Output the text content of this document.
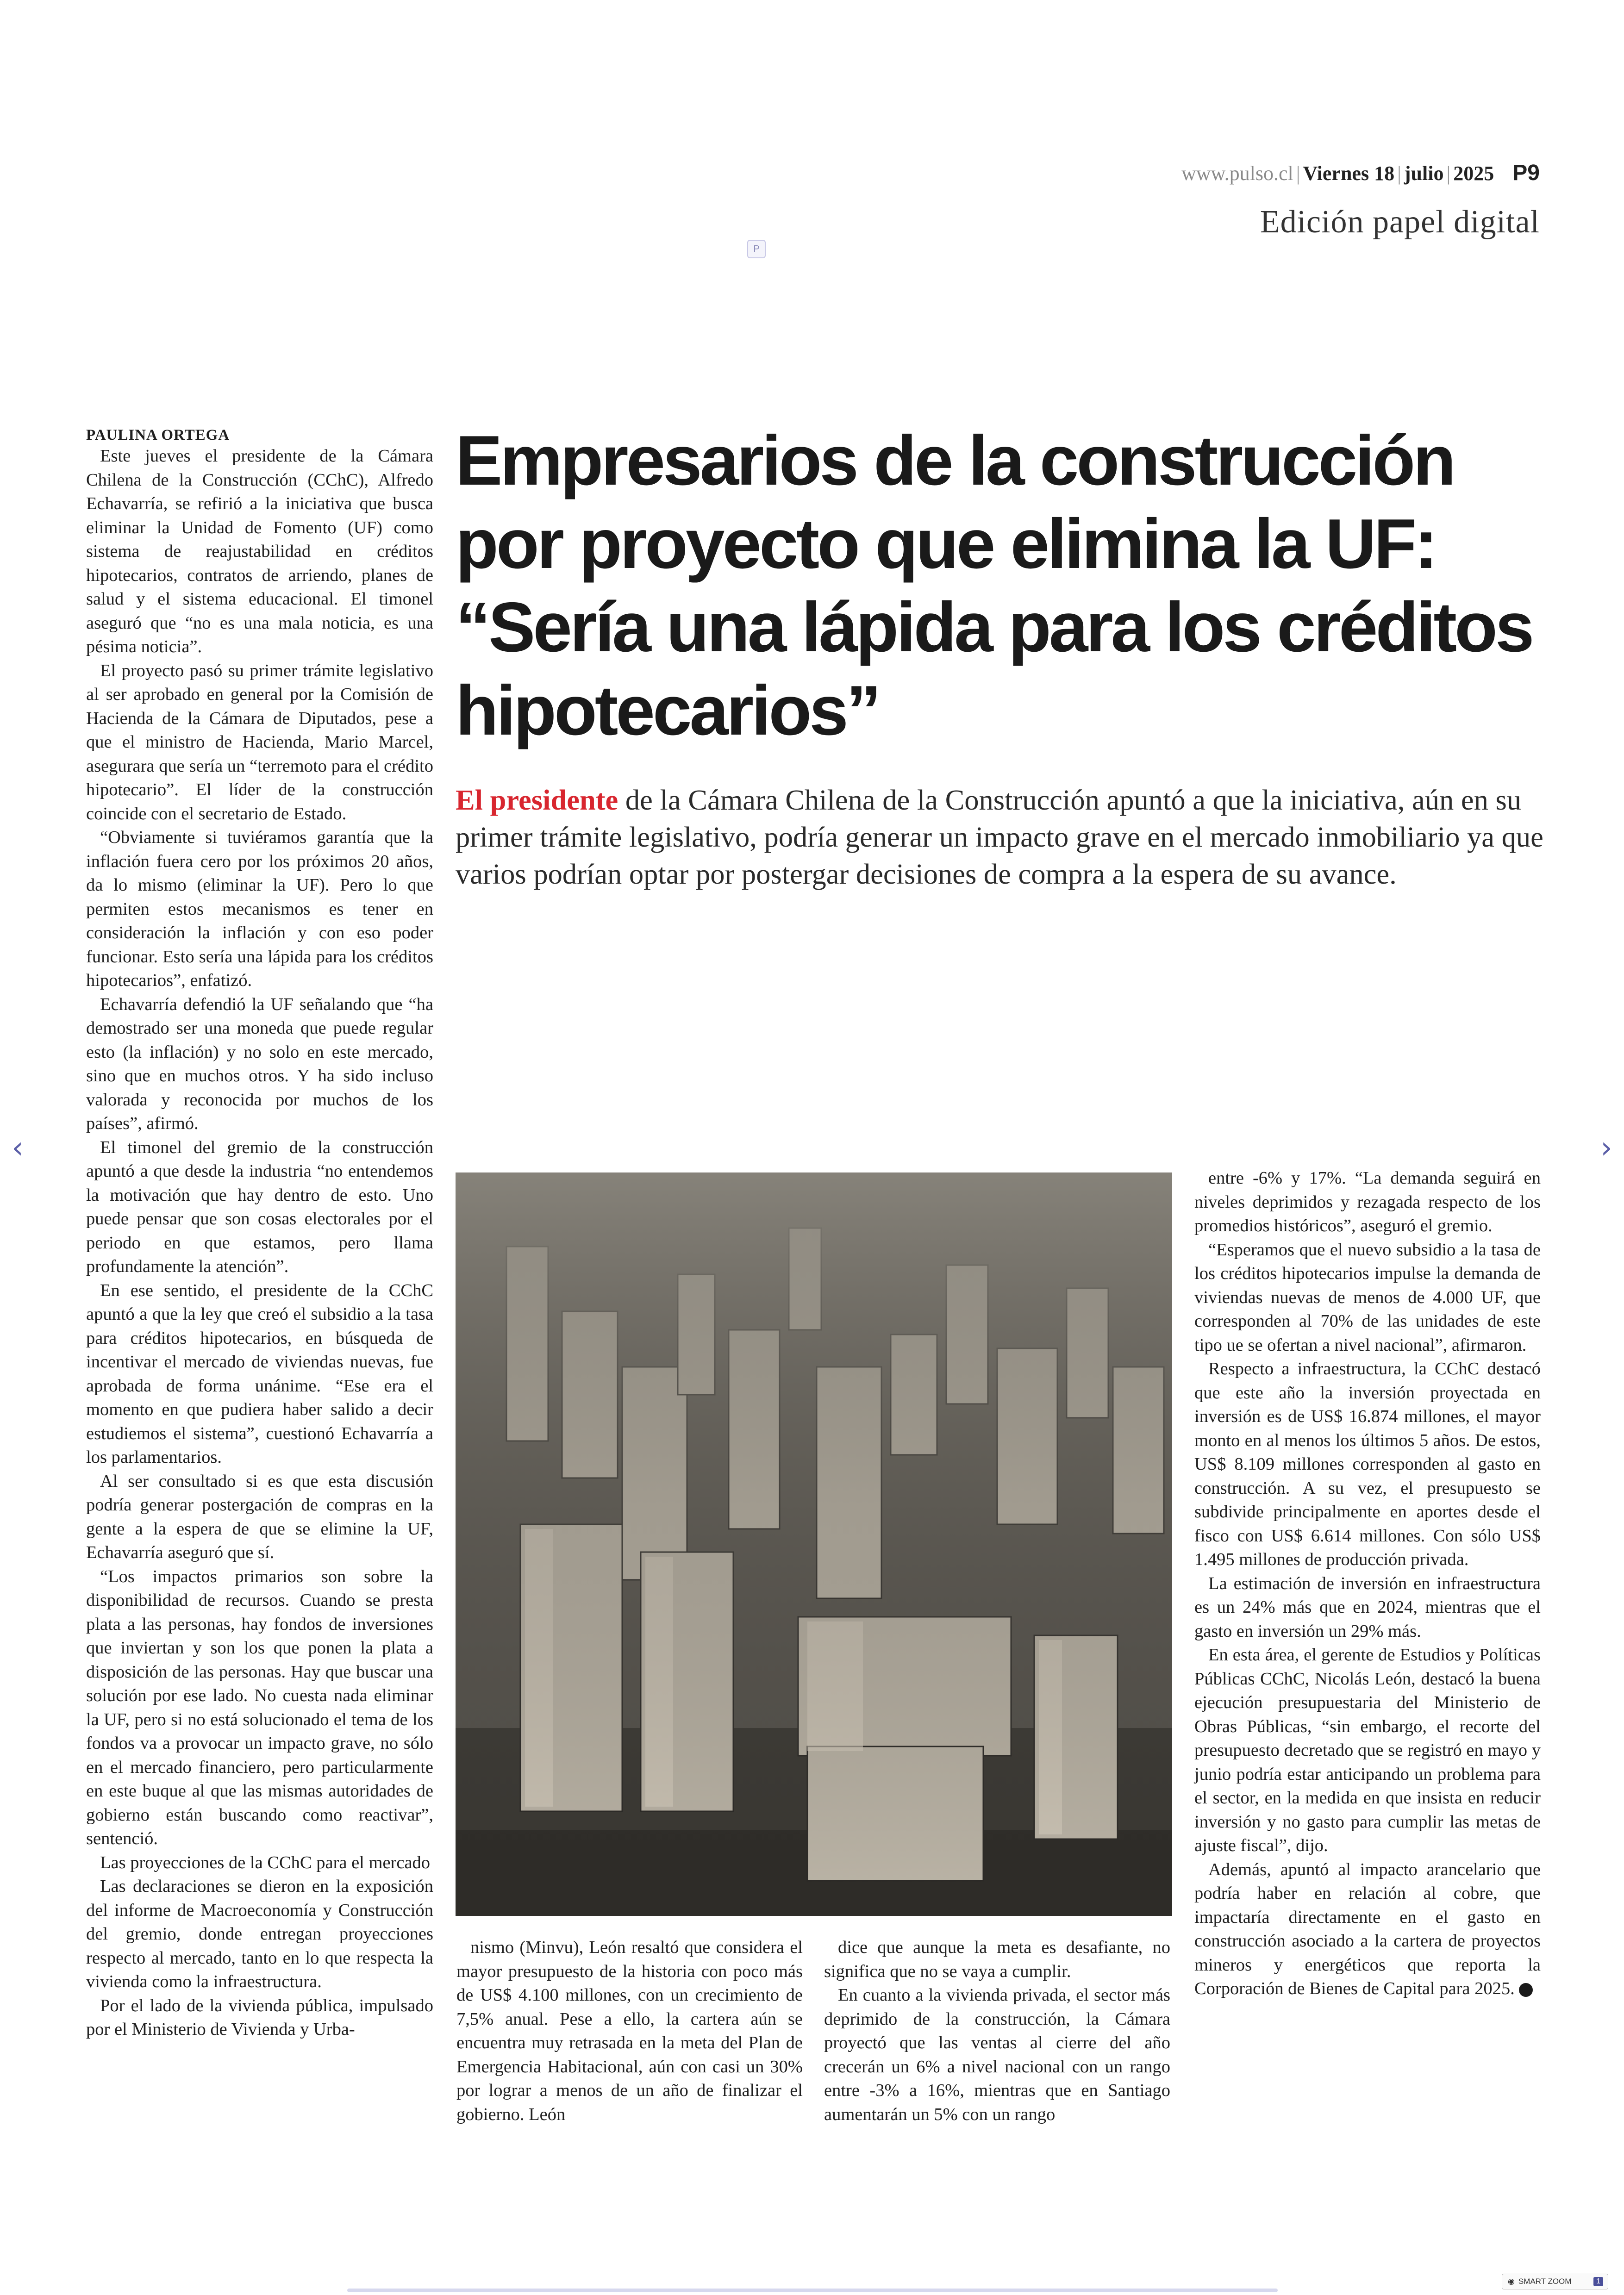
www.pulso.cl | Viernes 18 | julio | 2025 P9
Edición papel digital
P
PAULINA ORTEGA	Empresarios de la construcción por proyecto que elimina la UF: “Sería una lápida para los créditos hipotecarios”
El presidente de la Cámara Chilena de la Construcción apuntó a que la iniciativa, aún en su primer trámite legislativo, podría generar un impacto grave en el mercado inmobiliario ya que varios podrían optar por postergar decisiones de compra a la espera de su avance.

Este jueves el presidente de la Cámara Chilena de la Construcción (CChC), Alfredo Echavarría, se refirió a la iniciativa que busca eliminar la Unidad de Fomento (UF) como sistema de reajustabilidad en créditos hipotecarios, contratos de arriendo, planes de salud y el sistema educacional. El timonel aseguró que “no es una mala noticia, es una pésima noticia”.

El proyecto pasó su primer trámite legislativo al ser aprobado en general por la Comisión de Hacienda de la Cámara de Diputados, pese a que el ministro de Hacienda, Mario Marcel, asegurara que sería un “terremoto para el crédito hipotecario”. El líder de la construcción coincide con el secretario de Estado.

“Obviamente si tuviéramos garantía que la inflación fuera cero por los próximos 20 años, da lo mismo (eliminar la UF). Pero lo que permiten estos mecanismos es tener en consideración la inflación y con eso poder funcionar. Esto sería una lápida para los créditos hipotecarios”, enfatizó.

Echavarría defendió la UF señalando que “ha demostrado ser una moneda que puede regular esto (la inflación) y no solo en este mercado, sino que en muchos otros. Y ha sido incluso valorada y reconocida por muchos de los países”, afirmó.

El timonel del gremio de la construcción apuntó a que desde la industria “no entendemos la motivación que hay dentro de esto. Uno puede pensar que son cosas electorales por el periodo en que estamos, pero llama profundamente la atención”.

En ese sentido, el presidente de la CChC apuntó a que la ley que creó el subsidio a la tasa para créditos hipotecarios, en búsqueda de incentivar el mercado de viviendas nuevas, fue aprobada de forma unánime. “Ese era el momento en que pudiera haber salido a decir estudiemos el sistema”, cuestionó Echavarría a los parlamentarios.

Al ser consultado si es que esta discusión podría generar postergación de compras en la gente a la espera de que se elimine la UF, Echavarría aseguró que sí.

“Los impactos primarios son sobre la disponibilidad de recursos. Cuando se presta plata a las personas, hay fondos de inversiones que inviertan y son los que ponen la plata a disposición de las personas. Hay que buscar una solución por ese lado. No cuesta nada eliminar la UF, pero si no está solucionado el tema de los fondos va a provocar un impacto grave, no sólo en el mercado financiero, pero particularmente en este buque al que las mismas autoridades de gobierno están buscando como reactivar”, sentenció.

Las proyecciones de la CChC para el mercado

Las declaraciones se dieron en la exposición del informe de Macroeconomía y Construcción del gremio, donde entregan proyecciones respecto al mercado, tanto en lo que respecta la vivienda como la infraestructura.

Por el lado de la vivienda pública, impulsado por el Ministerio de Vivienda y Urba-

entre -6% y 17%. “La demanda seguirá en niveles deprimidos y rezagada respecto de los promedios históricos”, aseguró el gremio.

“Esperamos que el nuevo subsidio a la tasa de los créditos hipotecarios impulse la demanda de viviendas nuevas de menos de 4.000 UF, que corresponden al 70% de las unidades de este tipo ue se ofertan a nivel nacional”, afirmaron.

Respecto a infraestructura, la CChC destacó que este año la inversión proyectada en inversión es de US$ 16.874 millones, el mayor monto en al menos los últimos 5 años. De estos, US$ 8.109 millones corresponden al gasto en construcción. A su vez, el presupuesto se subdivide principalmente en aportes desde el fisco con US$ 6.614 millones. Con sólo US$ 1.495 millones de producción privada.

La estimación de inversión en infraestructura es un 24% más que en 2024, mientras que el gasto en inversión un 29% más.

En esta área, el gerente de Estudios y Políticas Públicas CChC, Nicolás León, destacó la buena ejecución presupuestaria del Ministerio de Obras Públicas, “sin embargo, el recorte del presupuesto decretado que se registró en mayo y junio podría estar anticipando un problema para el sector, en la medida en que insista en reducir inversión y no gasto para cumplir las metas de ajuste fiscal”, dijo.

Además, apuntó al impacto arancelario que podría haber en relación al cobre, que impactaría directamente en el gasto en construcción asociado a la cartera de proyectos mineros y energéticos que reporta la Corporación de Bienes de Capital para 2025. P

nismo (Minvu), León resaltó que considera el mayor presupuesto de la historia con poco más de US$ 4.100 millones, con un crecimiento de 7,5% anual. Pese a ello, la cartera aún se encuentra muy retrasada en la meta del Plan de Emergencia Habitacional, aún con casi un 30% por lograr a menos de un año de finalizar el gobierno. León

dice que aunque la meta es desafiante, no significa que no se vaya a cumplir.

En cuanto a la vivienda privada, el sector más deprimido de la construcción, la Cámara proyectó que las ventas al cierre del año crecerán un 6% a nivel nacional con un rango entre -3% a 16%, mientras que en Santiago aumentarán un 5% con un rango

‹	›
◉ SMART ZOOM	1
